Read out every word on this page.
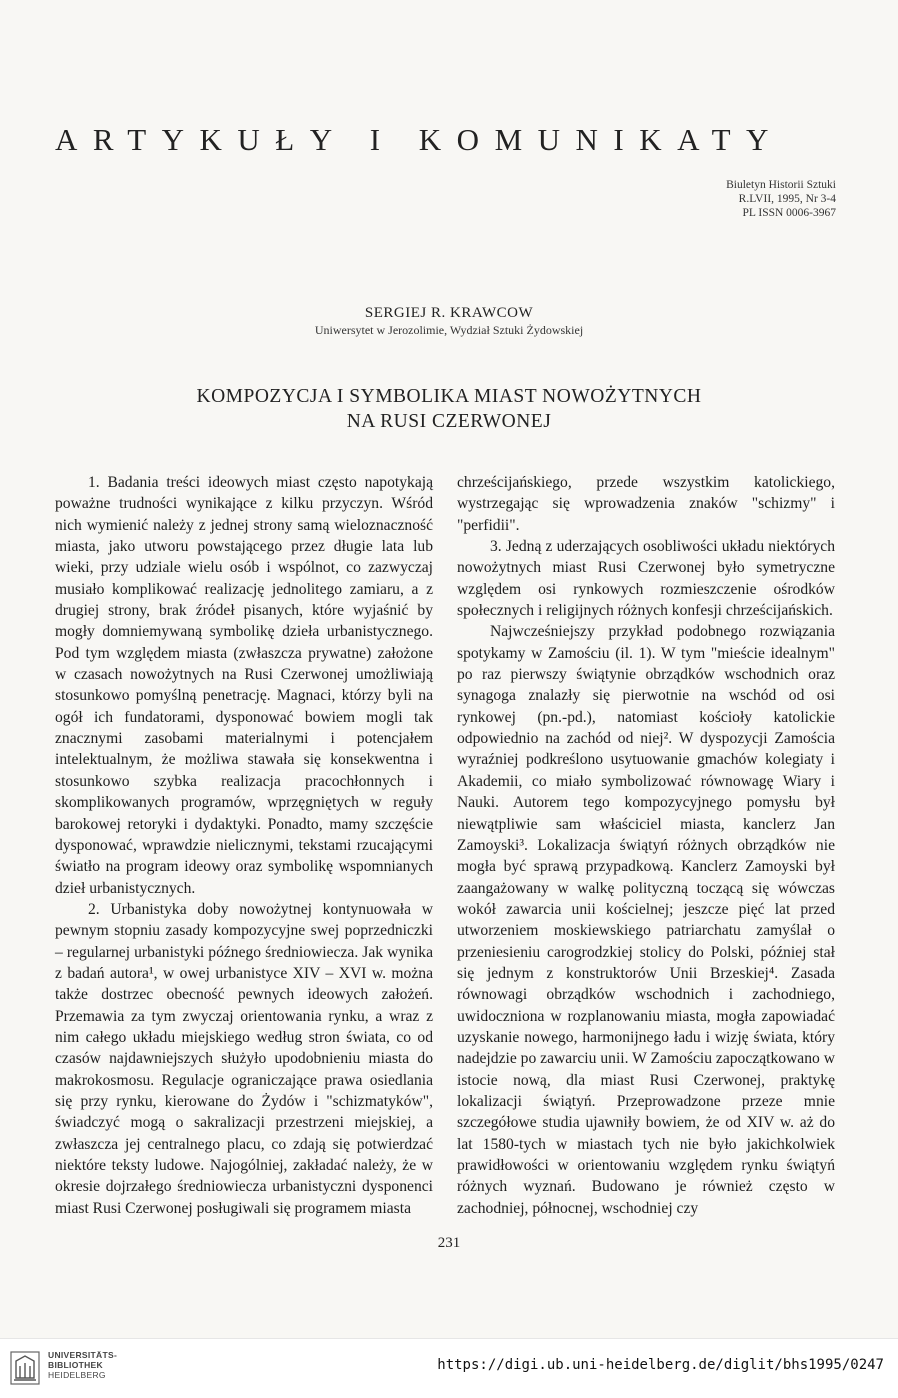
ARTYKUŁY I KOMUNIKATY
Biuletyn Historii Sztuki
R.LVII, 1995, Nr 3-4
PL ISSN 0006-3967
SERGIEJ R. KRAWCOW
Uniwersytet w Jerozolimie, Wydział Sztuki Żydowskiej
KOMPOZYCJA I SYMBOLIKA MIAST NOWOŻYTNYCH
NA RUSI CZERWONEJ

1. Badania treści ideowych miast często napotykają poważne trudności wynikające z kilku przyczyn. Wśród nich wymienić należy z jednej strony samą wieloznaczność miasta, jako utworu powstającego przez długie lata lub wieki, przy udziale wielu osób i wspólnot, co zazwyczaj musiało komplikować realizację jednolitego zamiaru, a z drugiej strony, brak źródeł pisanych, które wyjaśnić by mogły domniemywaną symbolikę dzieła urbanistycznego. Pod tym względem miasta (zwłaszcza prywatne) założone w czasach nowożytnych na Rusi Czerwonej umożliwiają stosunkowo pomyślną penetrację. Magnaci, którzy byli na ogół ich fundatorami, dysponować bowiem mogli tak znacznymi zasobami materialnymi i potencjałem intelektualnym, że możliwa stawała się konsekwentna i stosunkowo szybka realizacja pracochłonnych i skomplikowanych programów, wprzęgniętych w reguły barokowej retoryki i dydaktyki. Ponadto, mamy szczęście dysponować, wprawdzie nielicznymi, tekstami rzucającymi światło na program ideowy oraz symbolikę wspomnianych dzieł urbanistycznych.

2. Urbanistyka doby nowożytnej kontynuowała w pewnym stopniu zasady kompozycyjne swej poprzedniczki – regularnej urbanistyki późnego średniowiecza. Jak wynika z badań autora¹, w owej urbanistyce XIV – XVI w. można także dostrzec obecność pewnych ideowych założeń. Przemawia za tym zwyczaj orientowania rynku, a wraz z nim całego układu miejskiego według stron świata, co od czasów najdawniejszych służyło upodobnieniu miasta do makrokosmosu. Regulacje ograniczające prawa osiedlania się przy rynku, kierowane do Żydów i "schizmatyków", świadczyć mogą o sakralizacji przestrzeni miejskiej, a zwłaszcza jej centralnego placu, co zdają się potwierdzać niektóre teksty ludowe. Najogólniej, zakładać należy, że w okresie dojrzałego średniowiecza urbanistyczni dysponenci miast Rusi Czerwonej posługiwali się programem miasta

chrześcijańskiego, przede wszystkim katolickiego, wystrzegając się wprowadzenia znaków "schizmy" i "perfidii".

3. Jedną z uderzających osobliwości układu niektórych nowożytnych miast Rusi Czerwonej było symetryczne względem osi rynkowych rozmieszczenie ośrodków społecznych i religijnych różnych konfesji chrześcijańskich.

Najwcześniejszy przykład podobnego rozwiązania spotykamy w Zamościu (il. 1). W tym "mieście idealnym" po raz pierwszy świątynie obrządków wschodnich oraz synagoga znalazły się pierwotnie na wschód od osi rynkowej (pn.-pd.), natomiast kościoły katolickie odpowiednio na zachód od niej². W dyspozycji Zamościa wyraźniej podkreślono usytuowanie gmachów kolegiaty i Akademii, co miało symbolizować równowagę Wiary i Nauki. Autorem tego kompozycyjnego pomysłu był niewątpliwie sam właściciel miasta, kanclerz Jan Zamoyski³. Lokalizacja świątyń różnych obrządków nie mogła być sprawą przypadkową. Kanclerz Zamoyski był zaangażowany w walkę polityczną toczącą się wówczas wokół zawarcia unii kościelnej; jeszcze pięć lat przed utworzeniem moskiewskiego patriarchatu zamyślał o przeniesieniu carogrodzkiej stolicy do Polski, później stał się jednym z konstruktorów Unii Brzeskiej⁴. Zasada równowagi obrządków wschodnich i zachodniego, uwidoczniona w rozplanowaniu miasta, mogła zapowiadać uzyskanie nowego, harmonijnego ładu i wizję świata, który nadejdzie po zawarciu unii. W Zamościu zapoczątkowano w istocie nową, dla miast Rusi Czerwonej, praktykę lokalizacji świątyń. Przeprowadzone przeze mnie szczegółowe studia ujawniły bowiem, że od XIV w. aż do lat 1580-tych w miastach tych nie było jakichkolwiek prawidłowości w orientowaniu względem rynku świątyń różnych wyznań. Budowano je również często w zachodniej, północnej, wschodniej czy

231
UNIVERSITÄTS-
BIBLIOTHEK
HEIDELBERG
https://digi.ub.uni-heidelberg.de/diglit/bhs1995/0247
